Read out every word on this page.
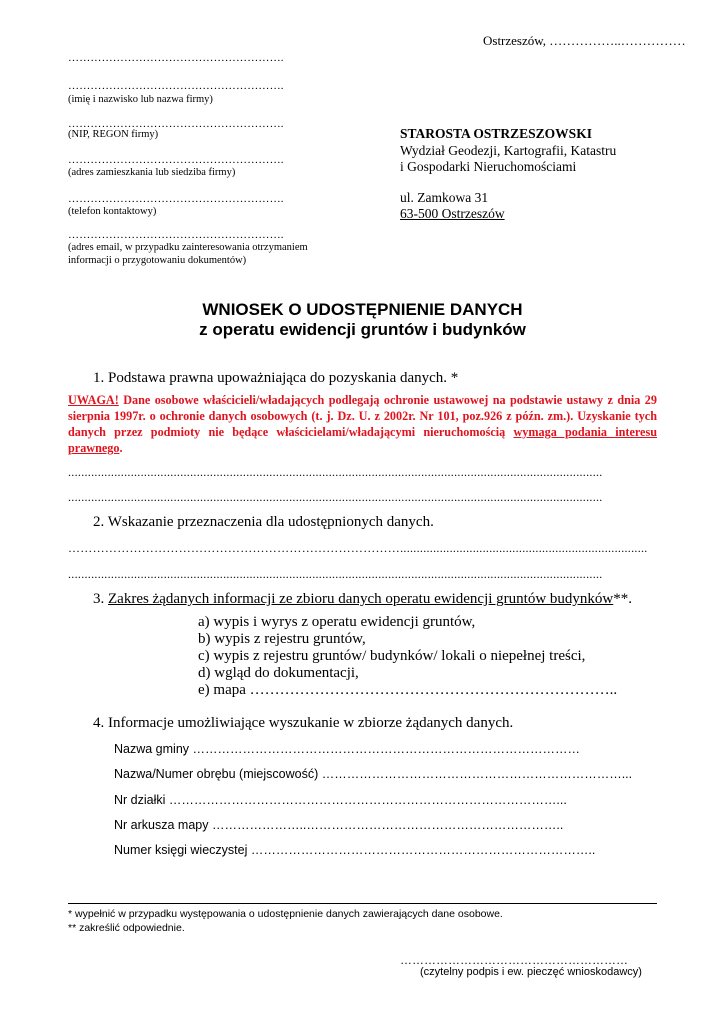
Ostrzeszów, ……………..……………
………………………………………………….
………………………………………………….
(imię i nazwisko lub nazwa firmy)
………………………………………………….
(NIP, REGON firmy)
………………………………………………….
(adres zamieszkania lub siedziba firmy)
………………………………………………….
(telefon kontaktowy)
………………………………………………….
(adres email, w przypadku zainteresowania otrzymaniem
informacji o przygotowaniu dokumentów)
STAROSTA OSTRZESZOWSKI
Wydział Geodezji, Kartografii, Katastru
i Gospodarki Nieruchomościami
ul. Zamkowa 31
63-500 Ostrzeszów
WNIOSEK O UDOSTĘPNIENIE DANYCH
z operatu ewidencji gruntów i budynków
1. Podstawa prawna upoważniająca do pozyskania danych. *
UWAGA! Dane osobowe właścicieli/władających podlegają ochronie ustawowej na podstawie ustawy z dnia 29 sierpnia 1997r. o ochronie danych osobowych (t. j. Dz. U. z 2002r. Nr 101, poz.926 z późn. zm.). Uzyskanie tych danych przez podmioty nie będące właścicielami/władającymi nieruchomością wymaga podania interesu prawnego.
..................................................................................................................................................................
..................................................................................................................................................................
2. Wskazanie przeznaczenia dla udostępnionych danych.
………………………………………………………………………...........................................................................
..................................................................................................................................................................
3. Zakres żądanych informacji ze zbioru danych operatu ewidencji gruntów budynków**.
a) wypis i wyrys z operatu ewidencji gruntów,
b) wypis z rejestru gruntów,
c) wypis z rejestru gruntów/ budynków/ lokali o niepełnej treści,
d) wgląd do dokumentacji,
e) mapa ………………………………………………………………..
4. Informacje umożliwiające wyszukanie w zbiorze żądanych danych.
Nazwa gminy …………………………………………………………………………………
Nazwa/Numer obrębu (miejscowość) ………………………………………………………………...
Nr działki …………………………………………………………………………………...
Nr arkusza mapy …………………..……………………………………………………..
Numer księgi wieczystej ………………………………………………………………………..
* wypełnić w przypadku występowania o udostępnienie danych zawierających dane osobowe.
** zakreślić odpowiednie.
…………………………………………………
(czytelny podpis i ew. pieczęć wnioskodawcy)
